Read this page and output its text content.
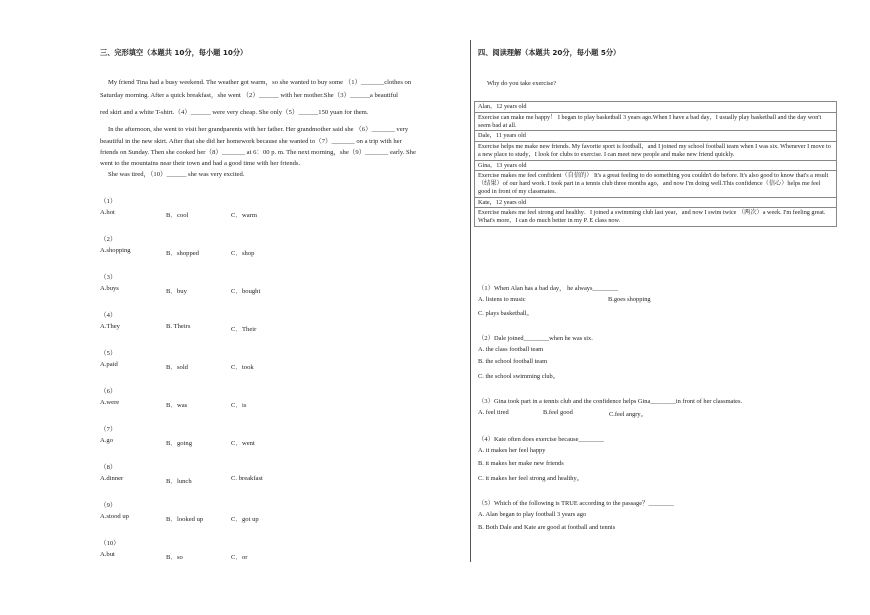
三、完形填空（本题共 10分，每小题 10分）
My friend Tina had a busy weekend. The weather got warm，so she wanted to buy some （1）_______clothes on
Saturday morning. After a quick breakfast，she went （2）______ with her mother.She（3）______a beautiful
red skirt and a white T-shirt.（4）______ were very cheap. She only（5）______150 yuan for them.
In the afternoon, she went to visit her grandparents with her father. Her grandmother said she （6）_______ very
beautiful in the new skirt. After that she did her homework because she wanted to（7）_______ on a trip with her
friends on Sunday. Then she cooked her（8）_______ at 6：00 p. m. The next morning，she（9）_______ early. She
went to the mountains near their town and had a good time with her friends.
She was tired，（10）______ she was very excited.
（1）
A.hot	B．cool	C．warm
（2）
A.shopping	B．shopped	C．shop
（3）
A.buys	B．buy	C．bought
（4）
A.They	B. Theirs	C．Their
（5）
A.paid	B．sold	C．took
（6）
A.were	B．was	C．is
（7）
A.go	B．going	C．went
（8）
A.dinner	B．lunch	C. breakfast
（9）
A.stood up	B．looked up	C．got up
（10）
A.but	B．so	C．or
四、阅读理解（本题共 20分，每小题 5分）
Why do you take exercise?
Alan，12 years old
Exercise can make me happy！ I began to play basketball 3 years ago.When I have a bad day，I usually play basketball and the day won't seem bad at all.
Dale，11 years old
Exercise helps me make new friends. My favorite sport is football，and I joined my school football team when I was six. Whenever I move to a new place to study，I look for clubs to exercise. I can meet new people and make new friend quickly.
Gina，13 years old
Exercise makes me feel confident（自信的） It's a great feeling to do something you couldn't do before. It's also good to know that's a result（结果）of our hard work. I took part in a tennis club three months ago，and now I'm doing well.This confidence（信心）helps me feel good in front of my classmates.
Kate，12 years old
Exercise makes me feel strong and healthy．I joined a swimming club last year，and now I swim twice （两次）a week. I'm feeling great. What's more，I can do much better in my P. E class now.
（1）When Alan has a bad day， he always________
A. listens to music	B.goes shopping
C. plays basketball。
（2）Dale joined________when he was six.
A. the class football team
B. the school football team
C. the school swimming club。
（3）Gina took part in a tennis club and the confidence helps Gina________in front of her classmates.
A. feel tired	B.feel good	C.feel angry。
（4）Kate often does exercise because________
A. it makes her feel happy
B. it makes her make new friends
C. it makes her feel strong and healthy。
（5）Which of the following is TRUE according to the passage？________
A. Alan began to play football 3 years ago
B. Both Dale and Kate are good at football and tennis
